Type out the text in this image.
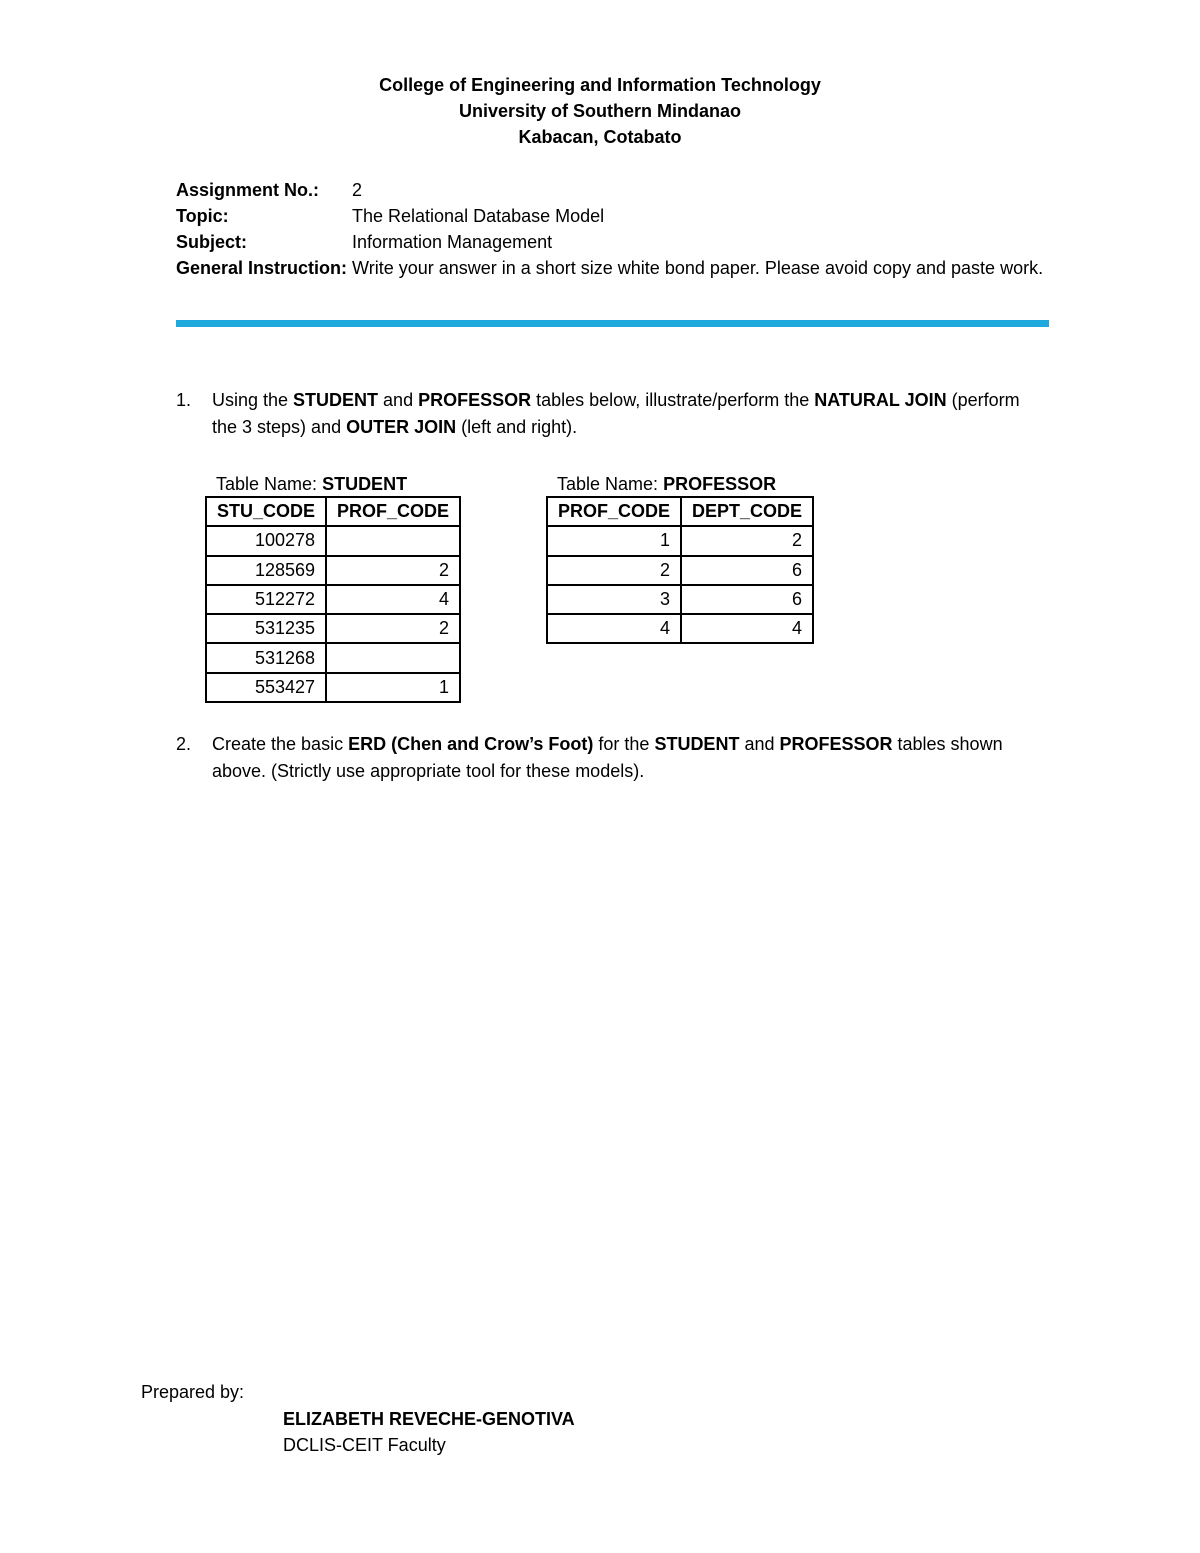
College of Engineering and Information Technology
University of Southern Mindanao
Kabacan, Cotabato
Assignment No.:	2
Topic:	The Relational Database Model
Subject:	Information Management
General Instruction: Write your answer in a short size white bond paper. Please avoid copy and paste work.
1. Using the STUDENT and PROFESSOR tables below, illustrate/perform the NATURAL JOIN (perform the 3 steps) and OUTER JOIN (left and right).
Table Name: STUDENT
STU_CODE	PROF_CODE
100278	
128569	2
512272	4
531235	2
531268	
553427	1
Table Name: PROFESSOR
PROF_CODE	DEPT_CODE
1	2
2	6
3	6
4	4
2. Create the basic ERD (Chen and Crow’s Foot) for the STUDENT and PROFESSOR tables shown above. (Strictly use appropriate tool for these models).
Prepared by:
ELIZABETH REVECHE-GENOTIVA
DCLIS-CEIT Faculty
